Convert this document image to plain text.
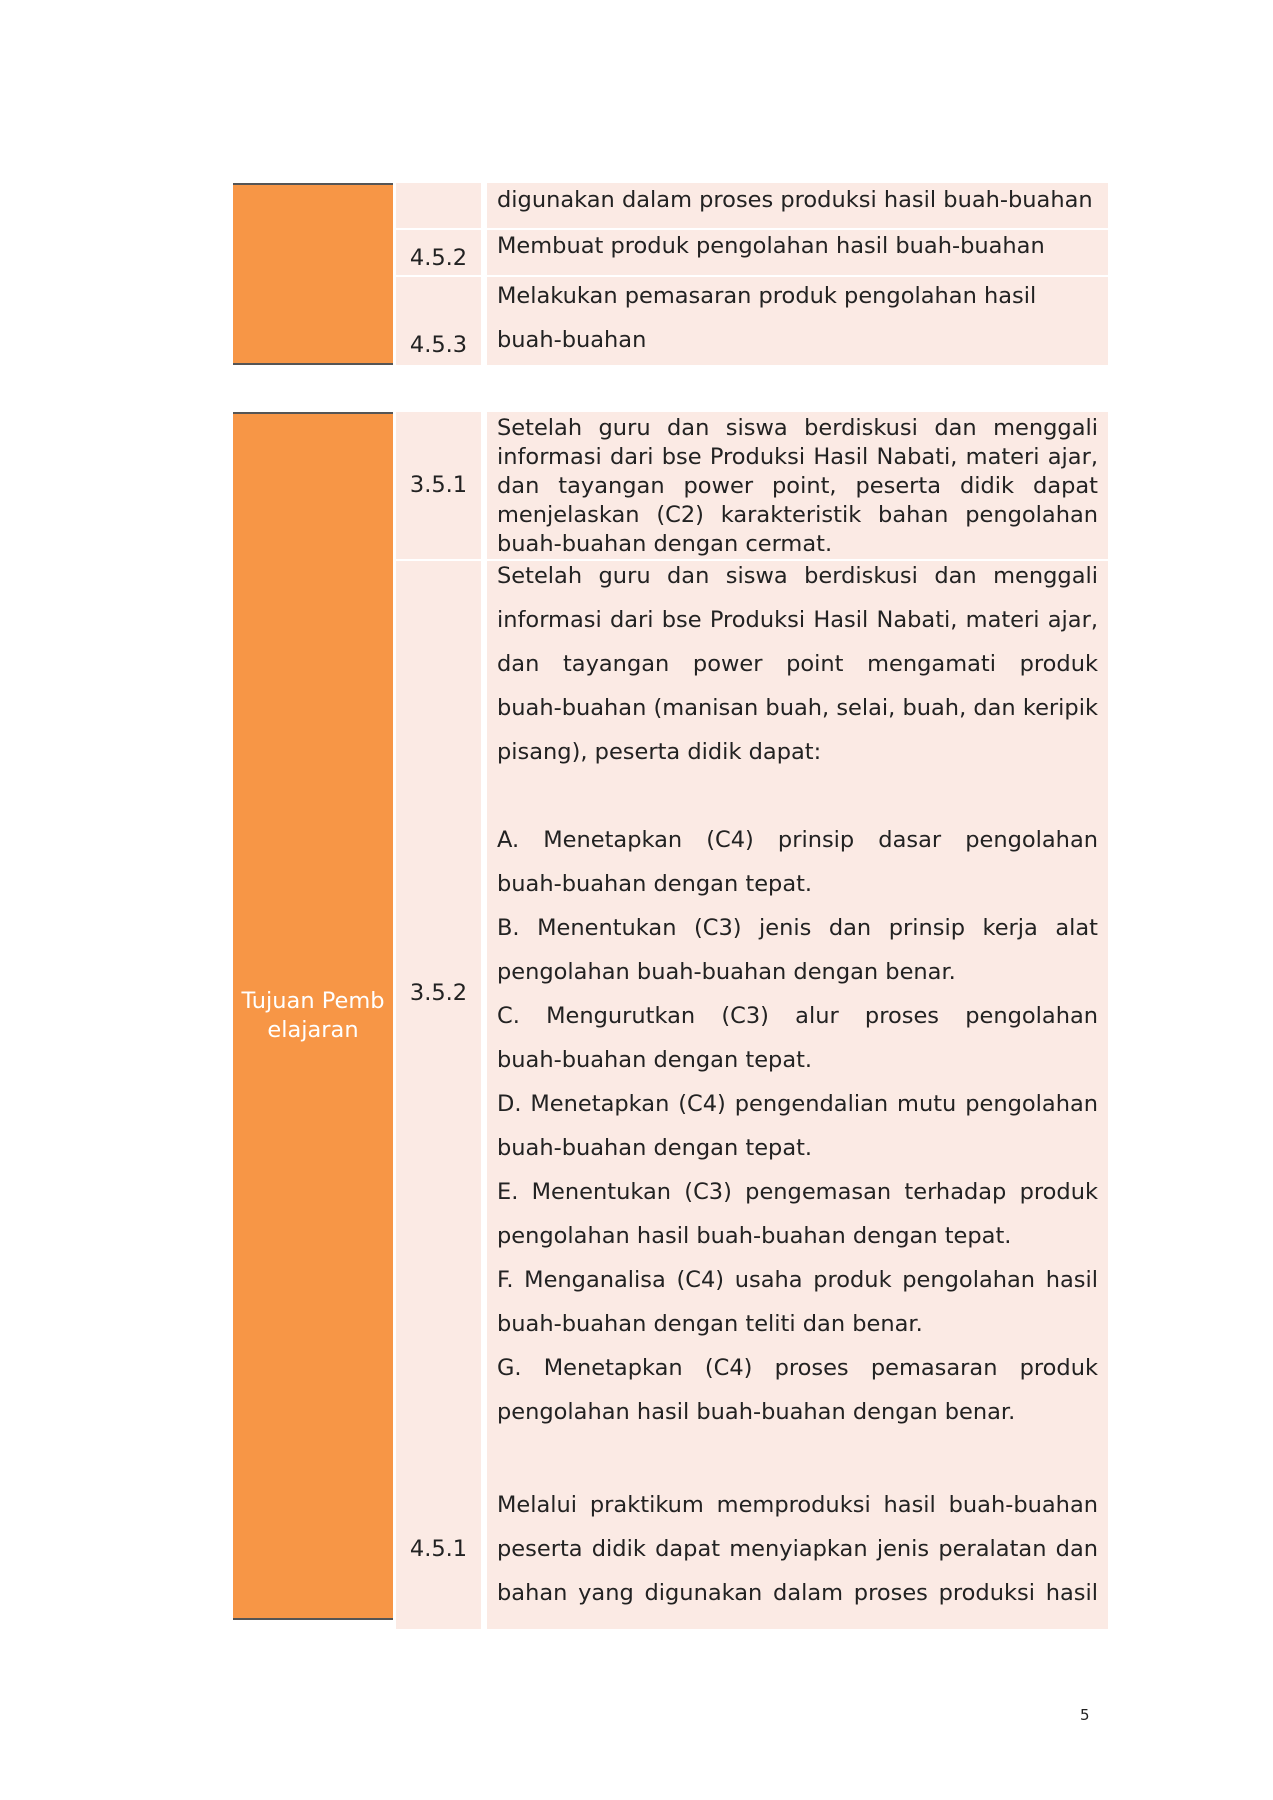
digunakan dalam proses produksi hasil buah-buahan
4.5.2	Membuat produk pengolahan hasil buah-buahan
4.5.3
Melakukan pemasaran produk pengolahan hasil
buah-buahan
Tujuan Pembelajaran
3.5.1
Setelah guru dan siswa berdiskusi dan menggali
informasi dari bse Produksi Hasil Nabati, materi ajar,
dan tayangan power point, peserta didik dapat
menjelaskan (C2) karakteristik bahan pengolahan
buah-buahan dengan cermat.
3.5.2
Setelah guru dan siswa berdiskusi dan menggali
informasi dari bse Produksi Hasil Nabati, materi ajar,
dan tayangan power point mengamati produk
buah-buahan (manisan buah, selai, buah, dan keripik
pisang), peserta didik dapat:
A. Menetapkan (C4) prinsip dasar pengolahan
buah-buahan dengan tepat.
B. Menentukan (C3) jenis dan prinsip kerja alat
pengolahan buah-buahan dengan benar.
C. Mengurutkan (C3) alur proses pengolahan
buah-buahan dengan tepat.
D. Menetapkan (C4) pengendalian mutu pengolahan
buah-buahan dengan tepat.
E. Menentukan (C3) pengemasan terhadap produk
pengolahan hasil buah-buahan dengan tepat.
F. Menganalisa (C4) usaha produk pengolahan hasil
buah-buahan dengan teliti dan benar.
G. Menetapkan (C4) proses pemasaran produk
pengolahan hasil buah-buahan dengan benar.
4.5.1
Melalui praktikum memproduksi hasil buah-buahan
peserta didik dapat menyiapkan jenis peralatan dan
bahan yang digunakan dalam proses produksi hasil
5
